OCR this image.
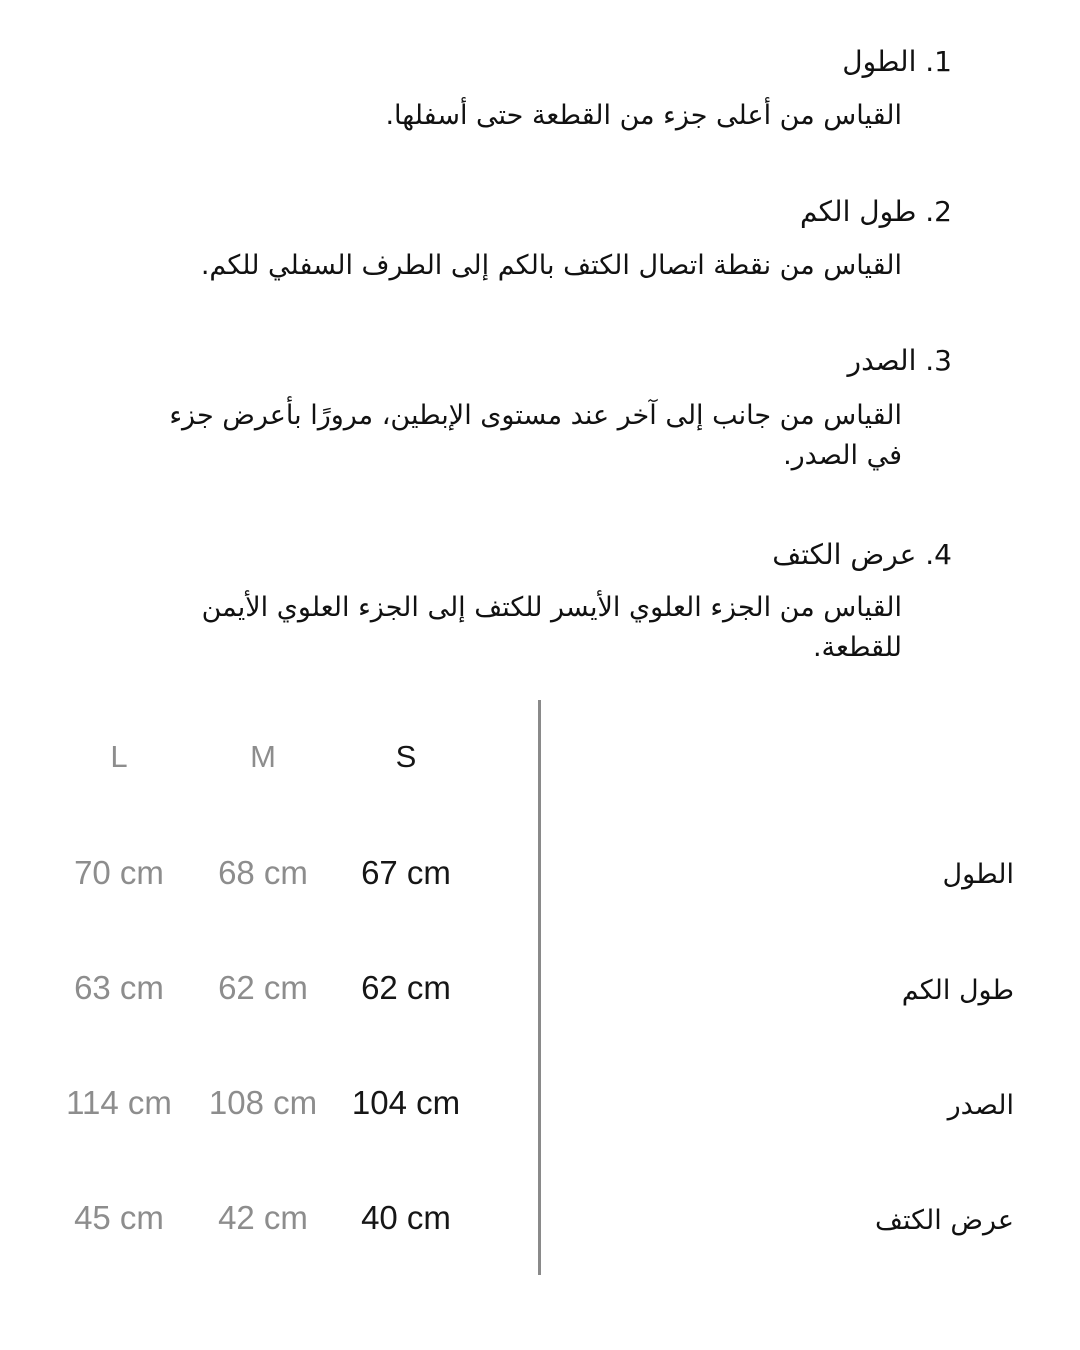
1. الطول
القياس من أعلى جزء من القطعة حتى أسفلها.
2. طول الكم
القياس من نقطة اتصال الكتف بالكم إلى الطرف السفلي للكم.
3. الصدر
القياس من جانب إلى آخر عند مستوى الإبطين، مرورًا بأعرض جزء في الصدر.
4. عرض الكتف
القياس من الجزء العلوي الأيسر للكتف إلى الجزء العلوي الأيمن للقطعة.
L	M	S
70 cm	68 cm	67 cm	الطول
63 cm	62 cm	62 cm	طول الكم
114 cm	108 cm	104 cm	الصدر
45 cm	42 cm	40 cm	عرض الكتف
